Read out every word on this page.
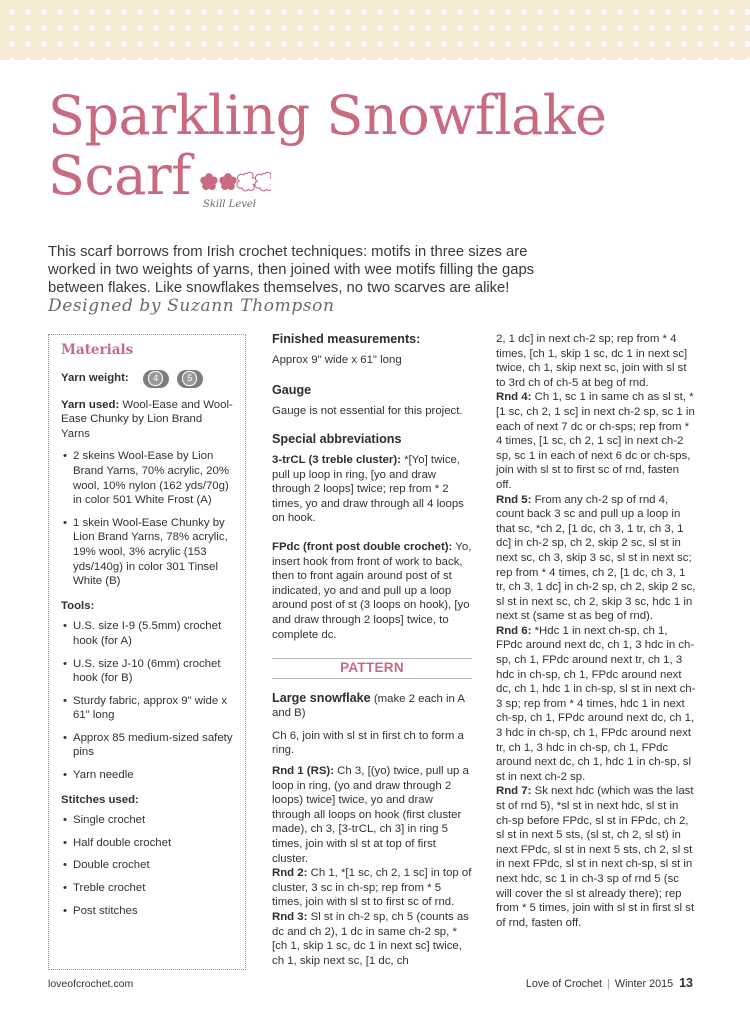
Sparkling Snowflake
Scarf	Skill Level

This scarf borrows from Irish crochet techniques: motifs in three sizes are worked in two weights of yarns, then joined with wee motifs filling the gaps between flakes. Like snowflakes themselves, no two scarves are alike!

Designed by Suzann Thompson
Materials
Yarn weight:	4	5

Yarn used: Wool-Ease and Wool-Ease Chunky by Lion Brand Yarns

• 2 skeins Wool-Ease by Lion Brand Yarns, 70% acrylic, 20% wool, 10% nylon (162 yds/70g) in color 501 White Frost (A)
• 1 skein Wool-Ease Chunky by Lion Brand Yarns, 78% acrylic, 19% wool, 3% acrylic (153 yds/140g) in color 301 Tinsel White (B)

Tools:

• U.S. size I-9 (5.5mm) crochet hook (for A)
• U.S. size J-10 (6mm) crochet hook (for B)
• Sturdy fabric, approx 9" wide x 61" long
• Approx 85 medium-sized safety pins
• Yarn needle

Stitches used:

• Single crochet
• Half double crochet
• Double crochet
• Treble crochet
• Post stitches

Finished measurements:

Approx 9" wide x 61" long

Gauge

Gauge is not essential for this project.

Special abbreviations

3-trCL (3 treble cluster): *[Yo] twice, pull up loop in ring, [yo and draw through 2 loops] twice; rep from * 2 times, yo and draw through all 4 loops on hook.

FPdc (front post double crochet): Yo, insert hook from front of work to back, then to front again around post of st indicated, yo and and pull up a loop around post of st (3 loops on hook), [yo and draw through 2 loops] twice, to complete dc.

PATTERN

Large snowflake (make 2 each in A and B)

Ch 6, join with sl st in first ch to form a ring.

Rnd 1 (RS): Ch 3, [(yo) twice, pull up a loop in ring, (yo and draw through 2 loops) twice] twice, yo and draw through all loops on hook (first cluster made), ch 3, [3-trCL, ch 3] in ring 5 times, join with sl st at top of first cluster.

Rnd 2: Ch 1, *[1 sc, ch 2, 1 sc] in top of cluster, 3 sc in ch-sp; rep from * 5 times, join with sl st to first sc of rnd.

Rnd 3: Sl st in ch-2 sp, ch 5 (counts as dc and ch 2), 1 dc in same ch-2 sp, *[ch 1, skip 1 sc, dc 1 in next sc] twice, ch 1, skip next sc, [1 dc, ch

2, 1 dc] in next ch-2 sp; rep from * 4 times, [ch 1, skip 1 sc, dc 1 in next sc] twice, ch 1, skip next sc, join with sl st to 3rd ch of ch-5 at beg of rnd.

Rnd 4: Ch 1, sc 1 in same ch as sl st, *[1 sc, ch 2, 1 sc] in next ch-2 sp, sc 1 in each of next 7 dc or ch-sps; rep from * 4 times, [1 sc, ch 2, 1 sc] in next ch-2 sp, sc 1 in each of next 6 dc or ch-sps, join with sl st to first sc of rnd, fasten off.

Rnd 5: From any ch-2 sp of rnd 4, count back 3 sc and pull up a loop in that sc, *ch 2, [1 dc, ch 3, 1 tr, ch 3, 1 dc] in ch-2 sp, ch 2, skip 2 sc, sl st in next sc, ch 3, skip 3 sc, sl st in next sc; rep from * 4 times, ch 2, [1 dc, ch 3, 1 tr, ch 3, 1 dc] in ch-2 sp, ch 2, skip 2 sc, sl st in next sc, ch 2, skip 3 sc, hdc 1 in next st (same st as beg of rnd).

Rnd 6: *Hdc 1 in next ch-sp, ch 1, FPdc around next dc, ch 1, 3 hdc in ch-sp, ch 1, FPdc around next tr, ch 1, 3 hdc in ch-sp, ch 1, FPdc around next dc, ch 1, hdc 1 in ch-sp, sl st in next ch-3 sp; rep from * 4 times, hdc 1 in next ch-sp, ch 1, FPdc around next dc, ch 1, 3 hdc in ch-sp, ch 1, FPdc around next tr, ch 1, 3 hdc in ch-sp, ch 1, FPdc around next dc, ch 1, hdc 1 in ch-sp, sl st in next ch-2 sp.

Rnd 7: Sk next hdc (which was the last st of rnd 5), *sl st in next hdc, sl st in ch-sp before FPdc, sl st in FPdc, ch 2, sl st in next 5 sts, (sl st, ch 2, sl st) in next FPdc, sl st in next 5 sts, ch 2, sl st in next FPdc, sl st in next ch-sp, sl st in next hdc, sc 1 in ch-3 sp of rnd 5 (sc will cover the sl st already there); rep from * 5 times, join with sl st in first sl st of rnd, fasten off.

loveofcrochet.com	Love of Crochet | Winter 2015 13
